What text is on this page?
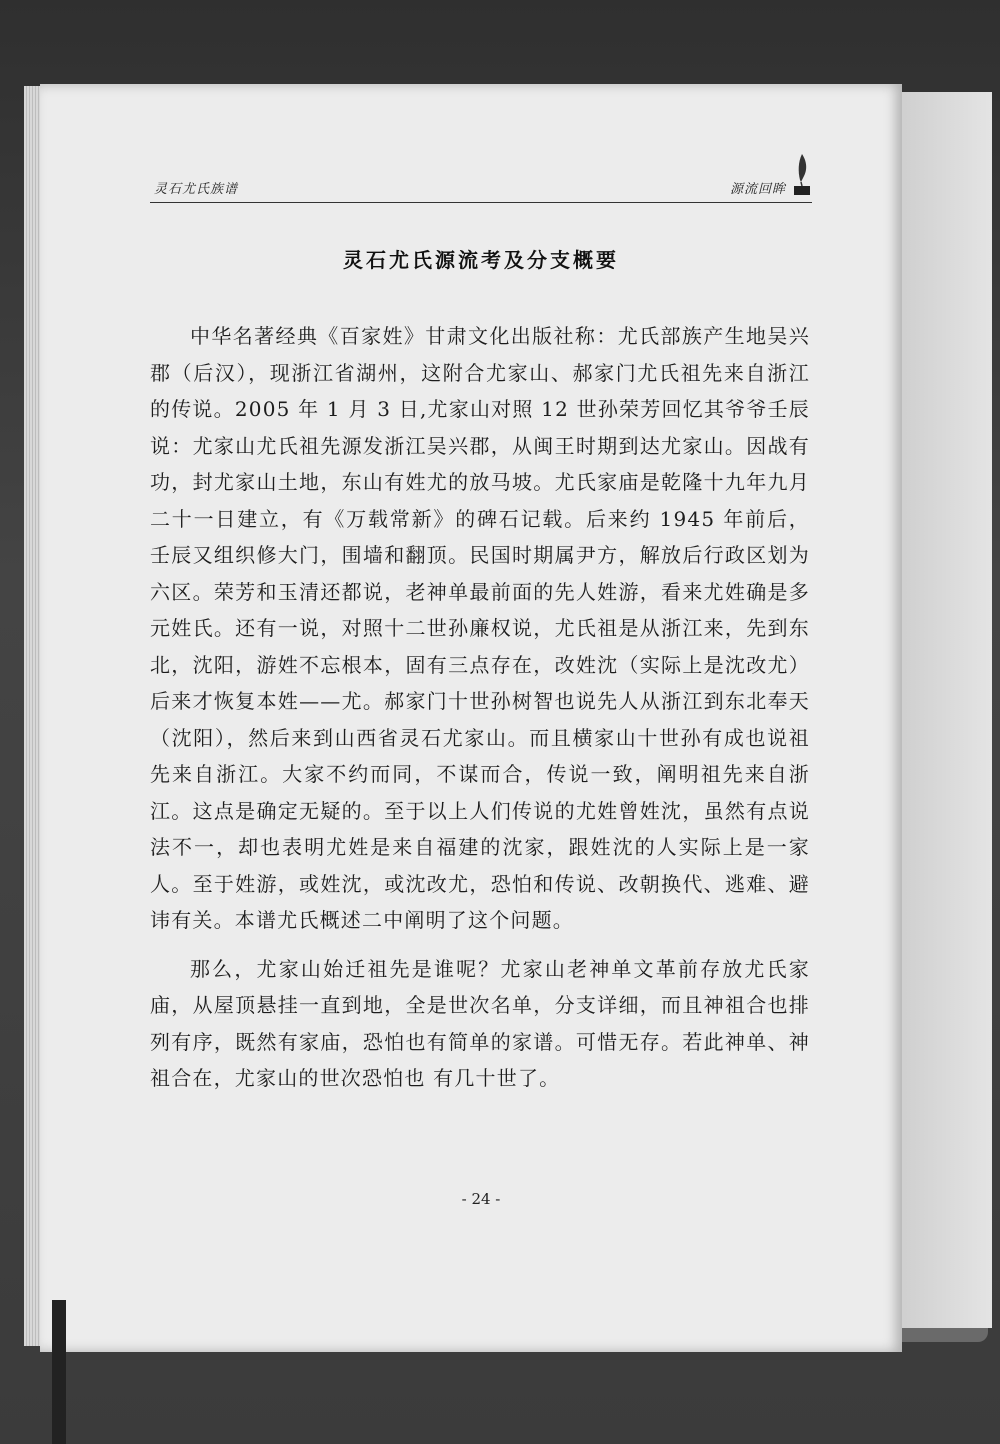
灵石尤氏族谱	源流回眸
灵石尤氏源流考及分支概要

中华名著经典《百家姓》甘肃文化出版社称：尤氏部族产生地吴兴郡（后汉），现浙江省湖州，这附合尤家山、郝家门尤氏祖先来自浙江的传说。2005 年 1 月 3 日,尤家山对照 12 世孙荣芳回忆其爷爷壬辰说：尤家山尤氏祖先源发浙江吴兴郡，从闽王时期到达尤家山。因战有功，封尤家山土地，东山有姓尤的放马坡。尤氏家庙是乾隆十九年九月二十一日建立，有《万载常新》的碑石记载。后来约 1945 年前后，壬辰又组织修大门，围墙和翻顶。民国时期属尹方，解放后行政区划为六区。荣芳和玉清还都说，老神单最前面的先人姓游，看来尤姓确是多元姓氏。还有一说，对照十二世孙廉权说，尤氏祖是从浙江来，先到东北，沈阳，游姓不忘根本，固有三点存在，改姓沈（实际上是沈改尤）后来才恢复本姓——尤。郝家门十世孙树智也说先人从浙江到东北奉天（沈阳），然后来到山西省灵石尤家山。而且横家山十世孙有成也说祖先来自浙江。大家不约而同，不谋而合，传说一致，阐明祖先来自浙江。这点是确定无疑的。至于以上人们传说的尤姓曾姓沈，虽然有点说法不一，却也表明尤姓是来自福建的沈家，跟姓沈的人实际上是一家人。至于姓游，或姓沈，或沈改尤，恐怕和传说、改朝换代、逃难、避讳有关。本谱尤氏概述二中阐明了这个问题。

那么，尤家山始迁祖先是谁呢？尤家山老神单文革前存放尤氏家庙，从屋顶悬挂一直到地，全是世次名单，分支详细，而且神祖合也排列有序，既然有家庙，恐怕也有简单的家谱。可惜无存。若此神单、神祖合在，尤家山的世次恐怕也 有几十世了。

- 24 -
